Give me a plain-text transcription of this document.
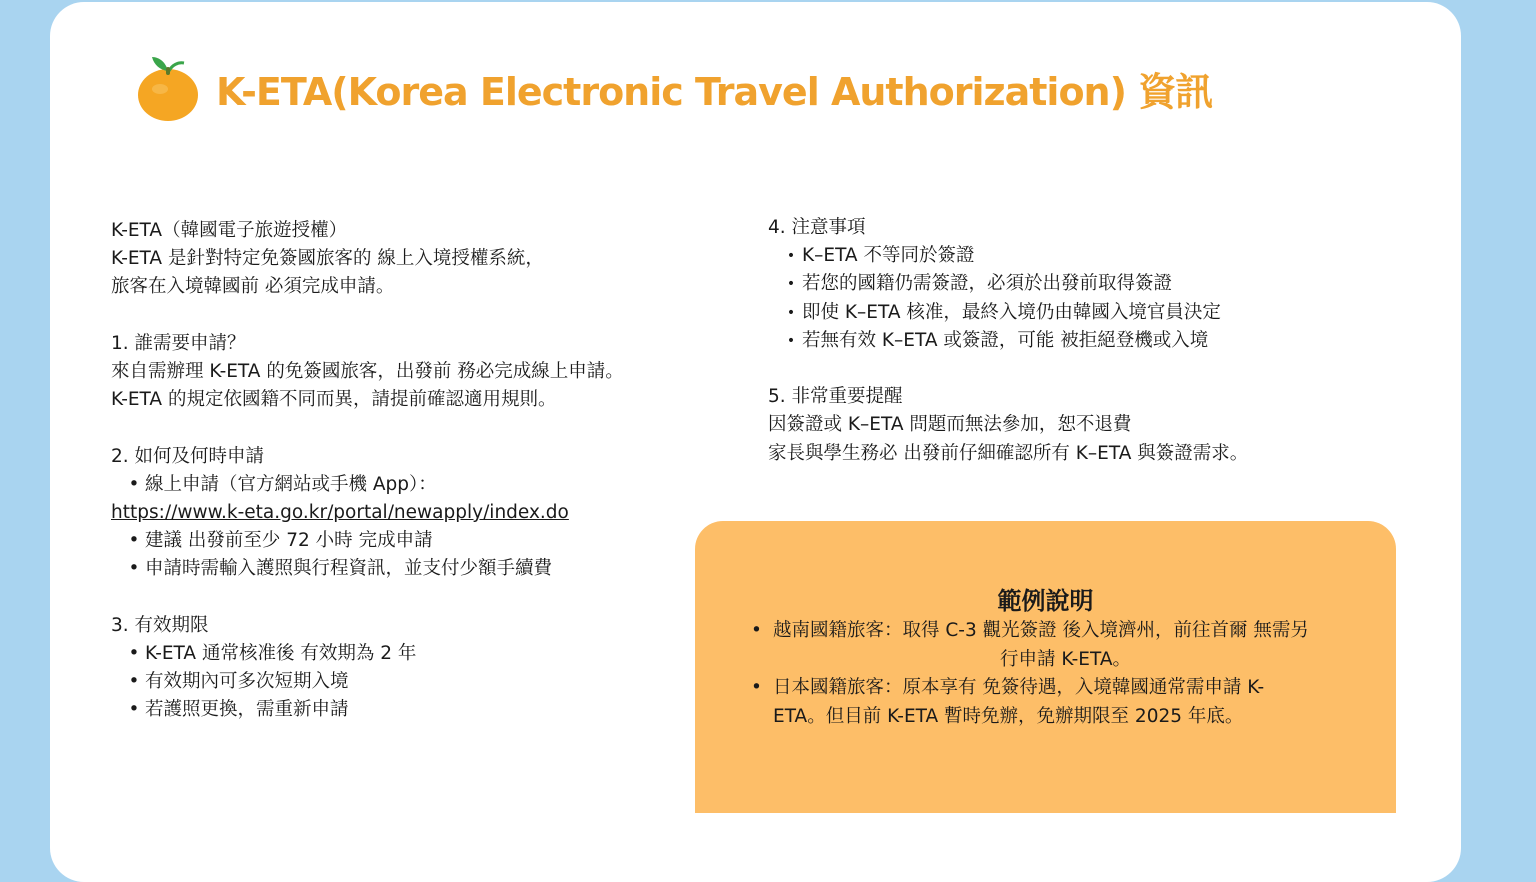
K-ETA(Korea Electronic Travel Authorization) 資訊
K-ETA（韓國電子旅遊授權）
K-ETA 是針對特定免簽國旅客的 線上入境授權系統，
旅客在入境韓國前 必須完成申請。
1. 誰需要申請？
來自需辦理 K-ETA 的免簽國旅客，出發前 務必完成線上申請。
K-ETA 的規定依國籍不同而異，請提前確認適用規則。
2. 如何及何時申請
• 線上申請（官方網站或手機 App）：
https://www.k-eta.go.kr/portal/newapply/index.do
• 建議 出發前至少 72 小時 完成申請
• 申請時需輸入護照與行程資訊，並支付少額手續費
3. 有效期限
• K-ETA 通常核准後 有效期為 2 年
• 有效期內可多次短期入境
• 若護照更換，需重新申請
4. 注意事項
• K–ETA 不等同於簽證
• 若您的國籍仍需簽證，必須於出發前取得簽證
• 即使 K–ETA 核准，最終入境仍由韓國入境官員決定
• 若無有效 K–ETA 或簽證，可能 被拒絕登機或入境
5. 非常重要提醒
因簽證或 K–ETA 問題而無法參加，恕不退費
家長與學生務必 出發前仔細確認所有 K–ETA 與簽證需求。
範例說明
• 越南國籍旅客：取得 C-3 觀光簽證 後入境濟州，前往首爾 無需另
行申請 K-ETA。
• 日本國籍旅客：原本享有 免簽待遇，入境韓國通常需申請 K-
ETA。但目前 K-ETA 暫時免辦，免辦期限至 2025 年底。
